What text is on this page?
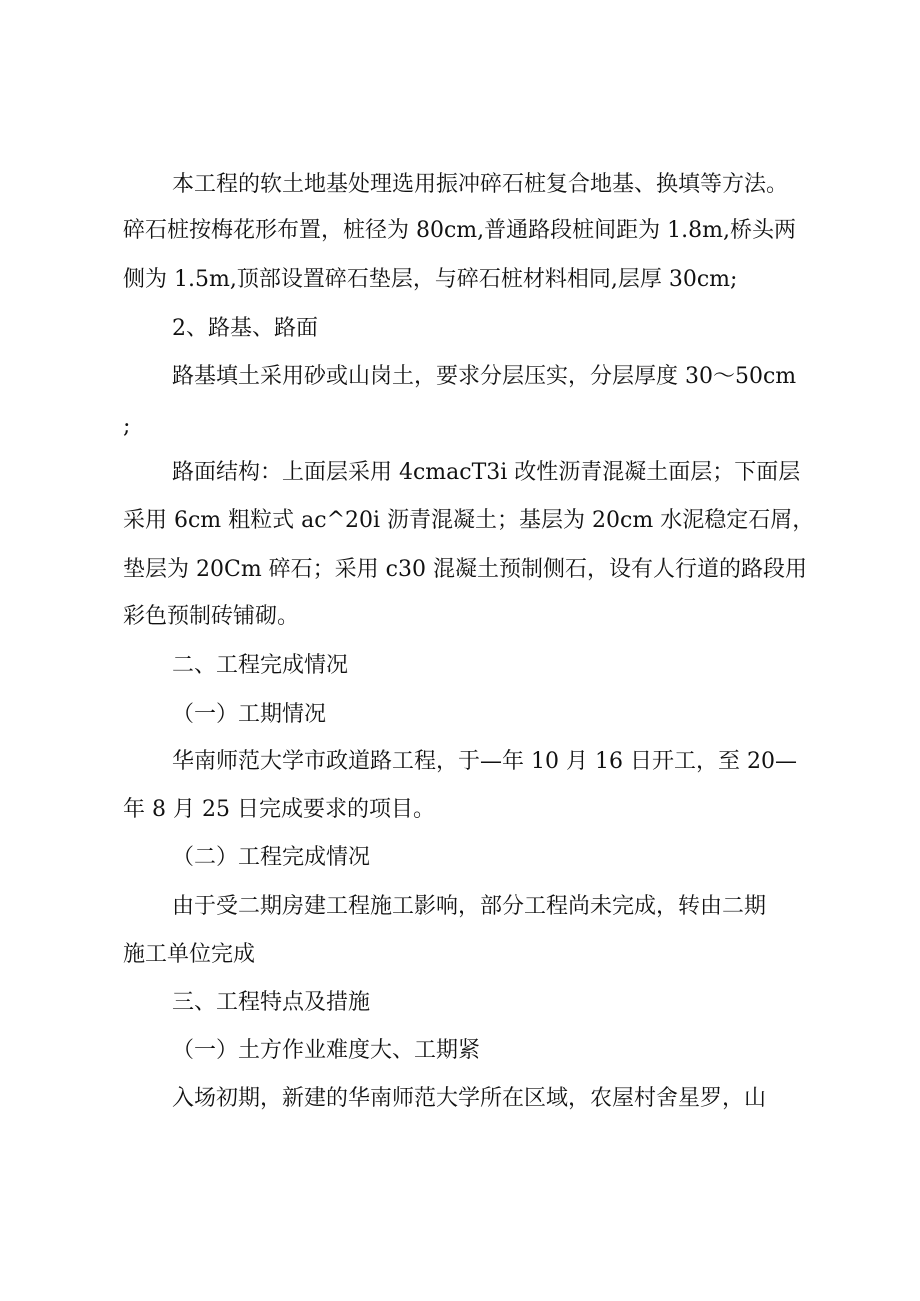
本工程的软土地基处理选用振冲碎石桩复合地基、换填等方法。
碎石桩按梅花形布置，桩径为 80cm,普通路段桩间距为 1.8m,桥头两
侧为 1.5m,顶部设置碎石垫层，与碎石桩材料相同,层厚 30cm;
2、路基、路面
路基填土采用砂或山岗土，要求分层压实，分层厚度 30～50cm
;
路面结构：上面层采用 4cmacT3i 改性沥青混凝土面层；下面层
采用 6cm 粗粒式 ac^20i 沥青混凝土；基层为 20cm 水泥稳定石屑，
垫层为 20Cm 碎石；采用 c30 混凝土预制侧石，设有人行道的路段用
彩色预制砖铺砌。
二、工程完成情况
（一）工期情况
华南师范大学市政道路工程，于—年 10 月 16 日开工，至 20—
年 8 月 25 日完成要求的项目。
（二）工程完成情况
由于受二期房建工程施工影响，部分工程尚未完成，转由二期
施工单位完成
三、工程特点及措施
（一）土方作业难度大、工期紧
入场初期，新建的华南师范大学所在区域，农屋村舍星罗，山
